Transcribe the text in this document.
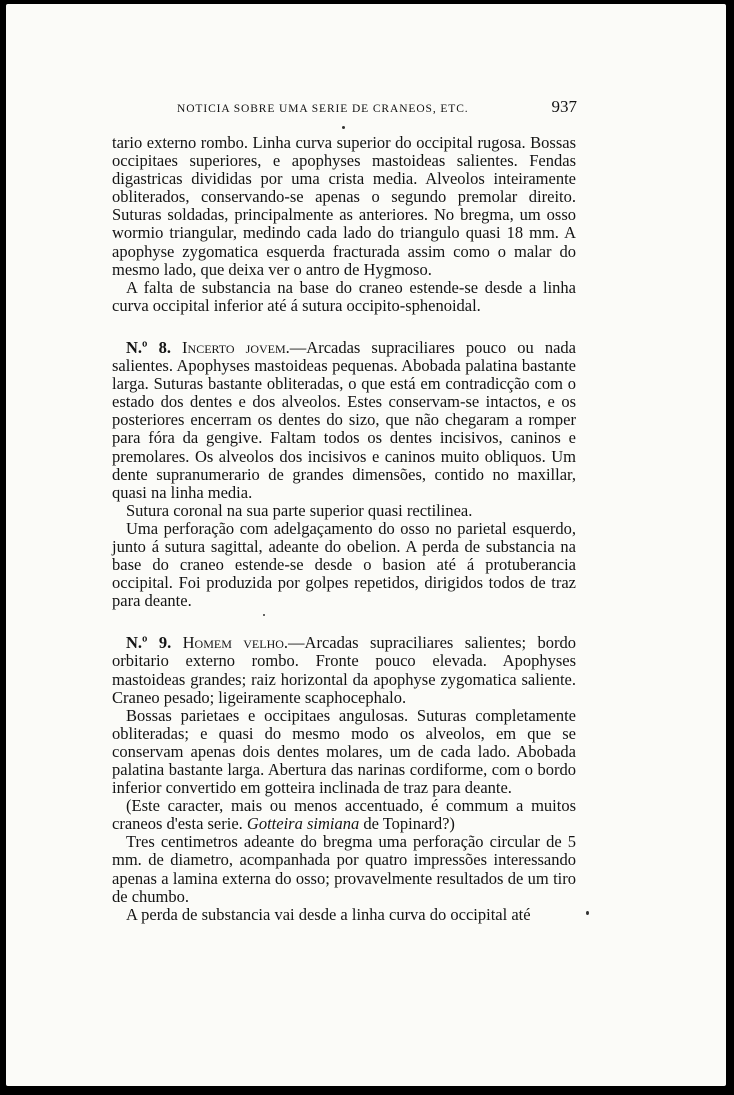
NOTICIA SOBRE UMA SERIE DE CRANEOS, ETC.	937

tario externo rombo. Linha curva superior do occipital rugosa. Bossas occipitaes superiores, e apophyses mastoideas salientes. Fendas digastricas divididas por uma crista media. Alveolos inteiramente obliterados, conservando-se apenas o segundo premolar direito. Suturas soldadas, principalmente as anteriores. No bregma, um osso wormio triangular, medindo cada lado do triangulo quasi 18 mm. A apophyse zygomatica esquerda fracturada assim como o malar do mesmo lado, que deixa ver o antro de Hygmoso.

A falta de substancia na base do craneo estende-se desde a linha curva occipital inferior até á sutura occipito-sphenoidal.

N.º 8. Incerto jovem.—Arcadas supraciliares pouco ou nada salientes. Apophyses mastoideas pequenas. Abobada palatina bastante larga. Suturas bastante obliteradas, o que está em contradicção com o estado dos dentes e dos alveolos. Estes conservam-se intactos, e os posteriores encerram os dentes do sizo, que não chegaram a romper para fóra da gengive. Faltam todos os dentes incisivos, caninos e premolares. Os alveolos dos incisivos e caninos muito obliquos. Um dente supranumerario de grandes dimensões, contido no maxillar, quasi na linha media.

Sutura coronal na sua parte superior quasi rectilinea.

Uma perforação com adelgaçamento do osso no parietal esquerdo, junto á sutura sagittal, adeante do obelion. A perda de substancia na base do craneo estende-se desde o basion até á protuberancia occipital. Foi produzida por golpes repetidos, dirigidos todos de traz para deante.

N.º 9. Homem velho.—Arcadas supraciliares salientes; bordo orbitario externo rombo. Fronte pouco elevada. Apophyses mastoideas grandes; raiz horizontal da apophyse zygomatica saliente. Craneo pesado; ligeiramente scaphocephalo.

Bossas parietaes e occipitaes angulosas. Suturas completamente obliteradas; e quasi do mesmo modo os alveolos, em que se conservam apenas dois dentes molares, um de cada lado. Abobada palatina bastante larga. Abertura das narinas cordiforme, com o bordo inferior convertido em gotteira inclinada de traz para deante.

(Este caracter, mais ou menos accentuado, é commum a muitos craneos d'esta serie. Gotteira simiana de Topinard?)

Tres centimetros adeante do bregma uma perforação circular de 5 mm. de diametro, acompanhada por quatro impressões interessando apenas a lamina externa do osso; provavelmente resultados de um tiro de chumbo.

A perda de substancia vai desde a linha curva do occipital até
